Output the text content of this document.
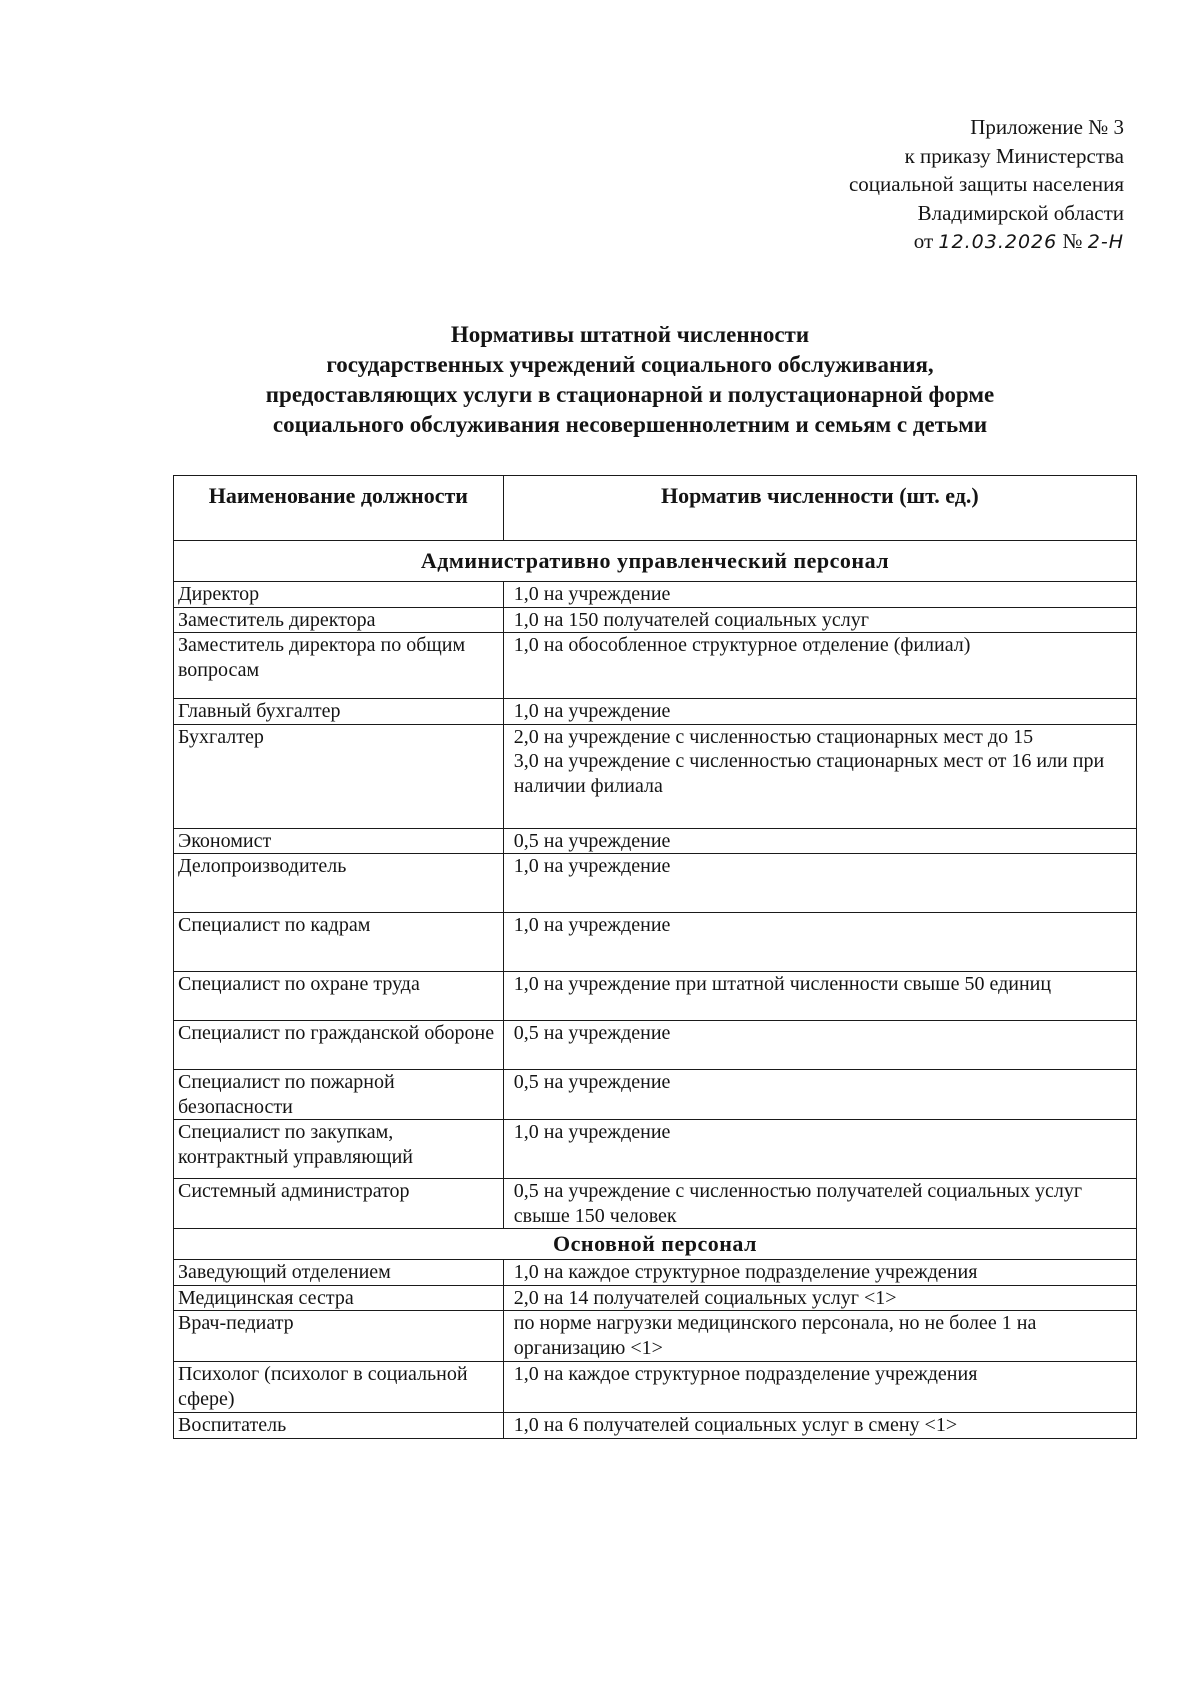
Приложение № 3
к приказу Министерства
социальной защиты населения
Владимирской области
от 12.03.2026 № 2-Н
Нормативы штатной численности
государственных учреждений социального обслуживания,
предоставляющих услуги в стационарной и полустационарной форме
социального обслуживания несовершеннолетним и семьям с детьми
Наименование должности	Норматив численности (шт. ед.)
Административно управленческий персонал	
Директор	1,0 на учреждение

Заместитель директора	1,0 на 150 получателей социальных услуг

Заместитель директора по общим вопросам	1,0 на обособленное структурное отделение (филиал)

Главный бухгалтер	1,0 на учреждение

Бухгалтер	2,0 на учреждение с численностью стационарных мест до 15
3,0 на учреждение с численностью стационарных мест от 16 или при наличии филиала

Экономист	0,5 на учреждение

Делопроизводитель	1,0 на учреждение

Специалист по кадрам	1,0 на учреждение

Специалист по охране труда	1,0 на учреждение при штатной численности свыше 50 единиц

Специалист по гражданской обороне	0,5 на учреждение

Специалист по пожарной безопасности	0,5 на учреждение

Специалист по закупкам, контрактный управляющий	1,0 на учреждение

Системный администратор	0,5 на учреждение с численностью получателей социальных услуг свыше 150 человек

Основной персонал	
Заведующий отделением	1,0 на каждое структурное подразделение учреждения

Медицинская сестра	2,0 на 14 получателей социальных услуг <1>

Врач-педиатр	по норме нагрузки медицинского персонала, но не более 1 на организацию <1>

Психолог (психолог в социальной сфере)	1,0 на каждое структурное подразделение учреждения

Воспитатель	1,0 на 6 получателей социальных услуг в смену <1>
